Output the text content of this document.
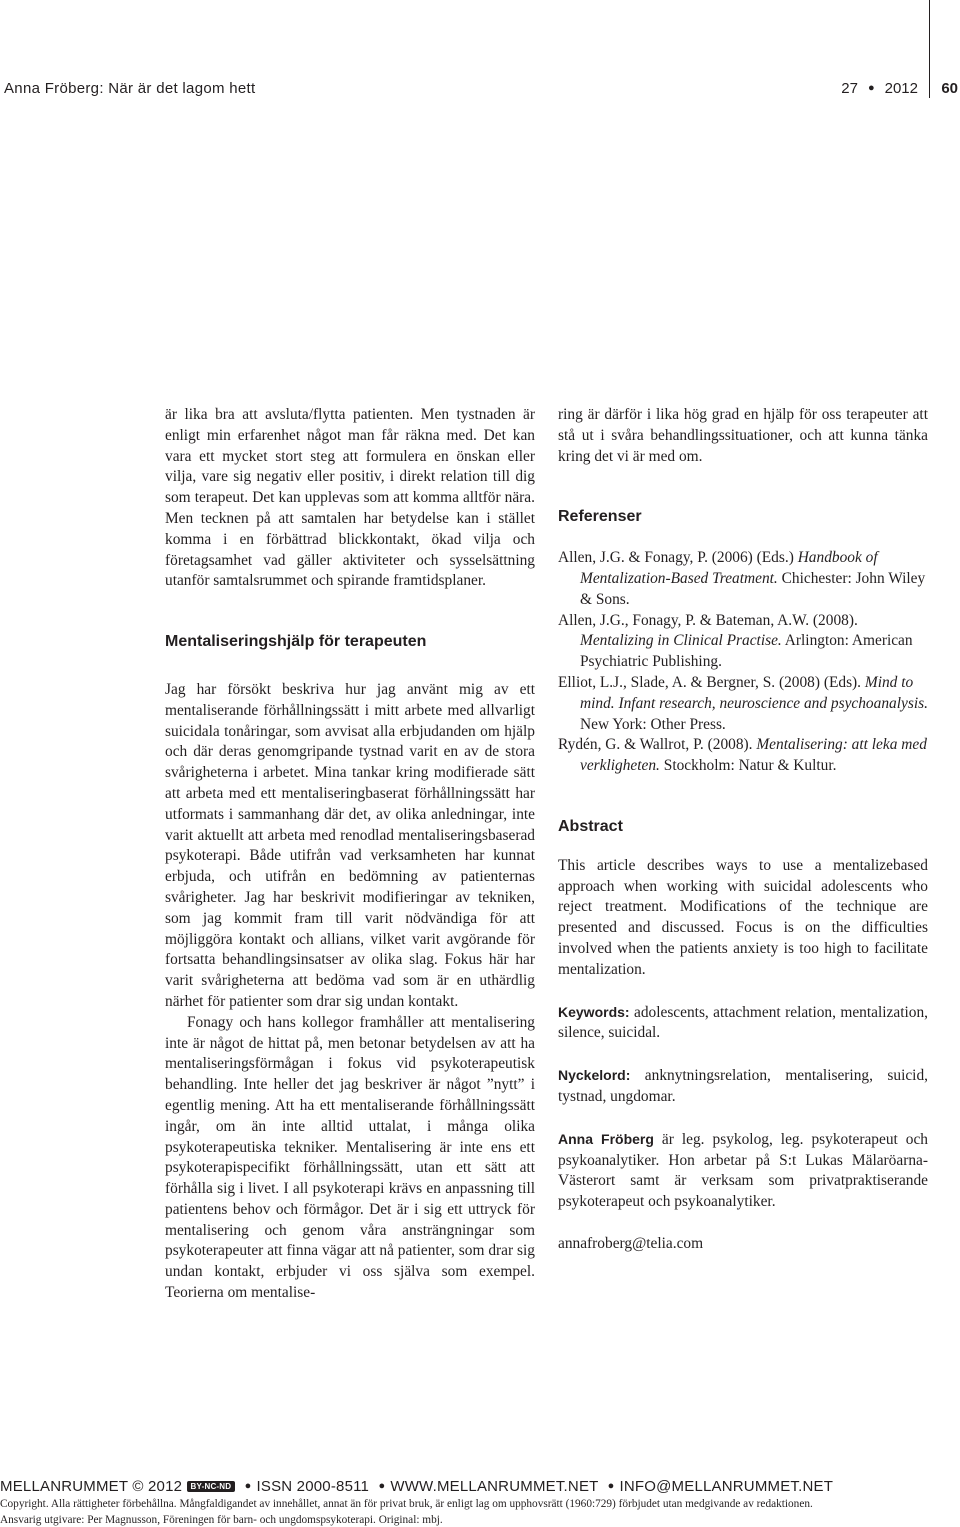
Anna Fröberg: När är det lagom hett	27 ● 2012 60

är lika bra att avsluta/flytta patienten. Men tystnaden är enligt min erfarenhet något man får räkna med. Det kan vara ett mycket stort steg att formulera en önskan eller vilja, vare sig negativ eller positiv, i direkt relation till dig som terapeut. Det kan upplevas som att komma alltför nära. Men tecknen på att samtalen har betydelse kan i stället komma i en förbättrad blickkontakt, ökad vilja och företagsamhet vad gäller aktiviteter och sysselsättning utanför samtalsrummet och spirande framtidsplaner.

Mentaliseringshjälp för terapeuten

Jag har försökt beskriva hur jag använt mig av ett mentaliserande förhållningssätt i mitt arbete med allvarligt suicidala tonåringar, som avvisat alla erbjudanden om hjälp och där deras genomgripande tystnad varit en av de stora svårigheterna i arbetet. Mina tankar kring modifierade sätt att arbeta med ett mentaliseringbaserat förhållningssätt har utformats i sammanhang där det, av olika anledningar, inte varit aktuellt att arbeta med renodlad mentaliseringsbaserad psykoterapi. Både utifrån vad verksamheten har kunnat erbjuda, och utifrån en bedömning av patienternas svårigheter. Jag har beskrivit modifieringar av tekniken, som jag kommit fram till varit nödvändiga för att möjliggöra kontakt och allians, vilket varit avgörande för fortsatta behandlingsinsatser av olika slag. Fokus här har varit svårigheterna att bedöma vad som är en uthärdlig närhet för patienter som drar sig undan kontakt.

Fonagy och hans kollegor framhåller att mentalisering inte är något de hittat på, men betonar betydelsen av att ha mentaliseringsförmågan i fokus vid psykoterapeutisk behandling. Inte heller det jag beskriver är något ”nytt” i egentlig mening. Att ha ett mentaliserande förhållningssätt ingår, om än inte alltid uttalat, i många olika psykoterapeutiska tekniker. Mentalisering är inte ens ett psykoterapispecifikt förhållningssätt, utan ett sätt att förhålla sig i livet. I all psykoterapi krävs en anpassning till patientens behov och förmågor. Det är i sig ett uttryck för mentalisering och genom våra ansträngningar som psykoterapeuter att finna vägar att nå patienter, som drar sig undan kontakt, erbjuder vi oss själva som exempel. Teorierna om mentalise-

ring är därför i lika hög grad en hjälp för oss terapeuter att stå ut i svåra behandlingssituationer, och att kunna tänka kring det vi är med om.

Referenser
Allen, J.G. & Fonagy, P. (2006) (Eds.) Handbook of Mentalization-Based Treatment. Chichester: John Wiley & Sons.
Allen, J.G., Fonagy, P. & Bateman, A.W. (2008). Mentalizing in Clinical Practise. Arlington: American Psychiatric Publishing.
Elliot, L.J., Slade, A. & Bergner, S. (2008) (Eds). Mind to mind. Infant research, neuroscience and psychoanalysis. New York: Other Press.
Rydén, G. & Wallrot, P. (2008). Mentalisering: att leka med verkligheten. Stockholm: Natur & Kultur.
Abstract

This article describes ways to use a mentalizebased approach when working with suicidal adolescents who reject treatment. Modifications of the technique are presented and discussed. Focus is on the difficulties involved when the patients anxiety is too high to facilitate mentalization.

Keywords: adolescents, attachment relation, mentalization, silence, suicidal.

Nyckelord: anknytningsrelation, mentalisering, suicid, tystnad, ungdomar.

Anna Fröberg är leg. psykolog, leg. psykoterapeut och psykoanalytiker. Hon arbetar på S:t Lukas Mälaröarna-Västerort samt är verksam som privatpraktiserande psykoterapeut och psykoanalytiker.

annafroberg@telia.com

MELLANRUMMET © 2012 BY-NC-ND ● ISSN 2000-8511 ● WWW.MELLANRUMMET.NET ● INFO@MELLANRUMMET.NET
Copyright. Alla rättigheter förbehållna. Mångfaldigandet av innehållet, annat än för privat bruk, är enligt lag om upphovsrätt (1960:729) förbjudet utan medgivande av redaktionen.
Ansvarig utgivare: Per Magnusson, Föreningen för barn- och ungdomspsykoterapi. Original: mbj.
